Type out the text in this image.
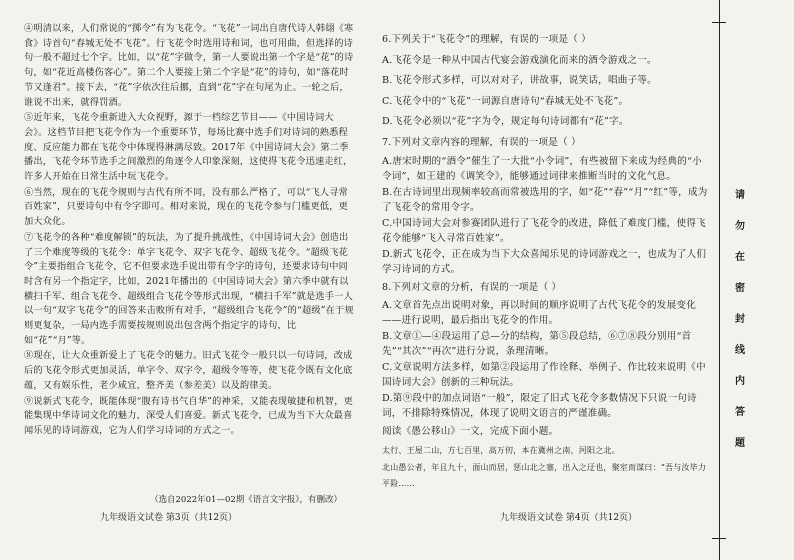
④明清以来，人们常说的“掷令”有为飞花令。“飞花”一词出自唐代诗人韩翃《寒食》诗首句“春城无处不飞花”。行飞花令时选用诗和词，也可用曲，但选择的诗句一般不超过七个字。比如，以“花”字做令，第一人要说出第一个字是“花”的诗句，如“花近高楼伤客心”。第二个人要接上第二个字是“花”的诗句，如“落花时节又逢君”。接下去，“花”字依次往后挪，直到“花”字在句尾为止。一轮之后，谁说不出来，就得罚酒。

⑤近年来，飞花令重新进入大众视野，源于一档综艺节目——《中国诗词大会》。这档节目把飞花令作为一个重要环节，每场比赛中选手们对诗词的熟悉程度、反应能力都在飞花令中体现得淋漓尽致。2017年《中国诗词大会》第二季播出，飞花令环节选手之间激烈的角逐令人印象深刻，这使得飞花令迅速走红，许多人开始在日常生活中玩飞花令。

⑥当然，现在的飞花令规则与古代有所不同，没有那么严格了，可以“飞人寻常百姓家”，只要诗句中有令字即可。相对来说，现在的飞花令参与门槛更低，更加大众化。

⑦飞花令的各种“难度解锁”的玩法，为了提升挑战性，《中国诗词大会》创造出了三个难度等级的飞花令：单字飞花令、双字飞花令、超级飞花令。“超级飞花令”主要指组合飞花令，它不但要求选手说出带有令字的诗句，还要求诗句中同时含有另一个指定字，比如，2021年播出的《中国诗词大会》第六季中就有以横扫千军、组合飞花令、超级组合飞花令等形式出现，“横扫千军”就是选手一人以一句“双字飞花令”的回答来击败所有对手，“超级组合飞花令”的“超级”在于规则更复杂，一局内选手需要按规则说出包含两个指定字的诗句，比如“花”“月”等。

⑧现在，让大众重新爱上了飞花令的魅力。旧式飞花令一般只以一句诗词，改成后的飞花令形式更加灵活，单字令、双字令，超级令等等，使飞花令既有文化底蕴，又有娱乐性，老少咸宜，整齐美（参差美）以及韵律美。

⑨说新式飞花令，既能体现“腹有诗书气自华”的神采，又能表现敏捷和机智，更能集现中华诗词文化的魅力，深受人们喜爱。新式飞花令，已成为当下大众最喜闻乐见的诗词游戏，它为人们学习诗词的方式之一。

（选自2022年01—02期《语言文字报》，有删改）
九年级语文试卷 第3页（共12页）

6.下列关于“飞花令”的理解，有误的一项是（ ）

A.飞花令是一种从中国古代宴会游戏演化而来的酒令游戏之一。

B.飞花令形式多样，可以对对子，讲故事，说笑话，唱曲子等。

C.飞花令中的“飞花”一词源自唐诗句“春城无处不飞花”。

D.飞花令必须以“花”字为令，规定每句诗词都有“花”字。

7.下列对文章内容的理解，有误的一项是（ ）

A.唐宋时期的“酒令”催生了一大批“小令词”，有些被留下来成为经典的“小令词”，如王建的《调笑令》，能够通过词律来推断当时的文化气息。

B.在古诗词里出现频率较高而常被选用的字，如“花”“春”“月”“红”等，成为了飞花令的常用令字。

C.中国诗词大会对参赛团队进行了飞花令的改进，降低了难度门槛，使得飞花令能够“飞入寻常百姓家”。

D.新式飞花令，正在成为当下大众喜闻乐见的诗词游戏之一，也成为了人们学习诗词的方式。

8.下列对文章的分析，有误的一项是（ ）

A.文章首先点出说明对象，再以时间的顺序说明了古代飞花令的发展变化——进行说明，最后指出飞花令的作用。

B.文章①—④段运用了总—分的结构，第⑤段总结，⑥⑦⑧段分别用“首先”“其次”“再次”进行分说，条理清晰。

C.文章说明方法多样，如第②段运用了作诠释、举例子、作比较来说明《中国诗词大会》创新的三种玩法。

D.第⑨段中的加点词语“一般”，限定了旧式飞花令多数情况下只说一句诗词，不排除特殊情况，体现了说明文语言的严谨准确。

阅读《愚公移山》一文，完成下面小题。

太行、王屋二山，方七百里，高万仞，本在冀州之南，河阳之北。

北山愚公者，年且九十，面山而居，惩山北之塞，出入之迂也，聚室而谋曰：“吾与汝毕力平险……

九年级语文试卷 第4页（共12页）
请
勿
在
密
封
线
内
答
题
